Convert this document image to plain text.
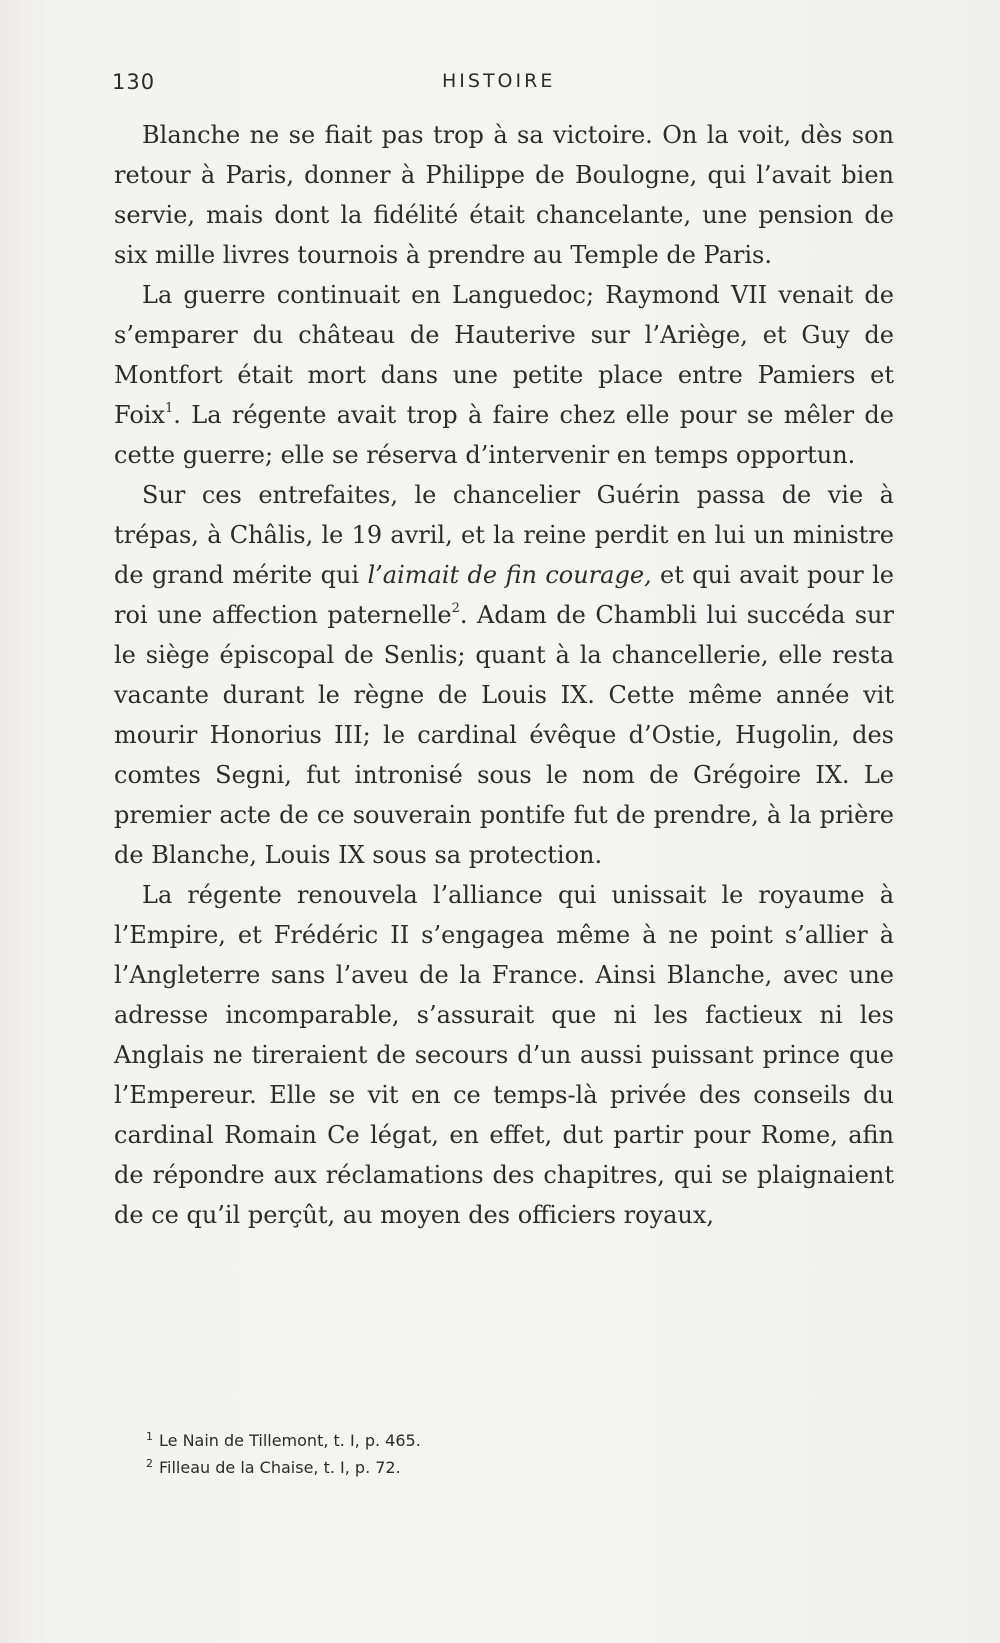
130	HISTOIRE

Blanche ne se fiait pas trop à sa victoire. On la voit, dès son retour à Paris, donner à Philippe de Boulogne, qui l’avait bien servie, mais dont la fidélité était chancelante, une pension de six mille livres tournois à prendre au Temple de Paris.

La guerre continuait en Languedoc; Raymond VII venait de s’emparer du château de Hauterive sur l’Ariège, et Guy de Montfort était mort dans une petite place entre Pamiers et Foix$^1$. La régente avait trop à faire chez elle pour se mêler de cette guerre; elle se réserva d’intervenir en temps opportun.

Sur ces entrefaites, le chancelier Guérin passa de vie à trépas, à Châlis, le 19 avril, et la reine perdit en lui un ministre de grand mérite qui l’aimait de fin courage, et qui avait pour le roi une affection paternelle$^2$. Adam de Chambli lui succéda sur le siège épiscopal de Senlis; quant à la chancellerie, elle resta vacante durant le règne de Louis IX. Cette même année vit mourir Honorius III; le cardinal évêque d’Ostie, Hugolin, des comtes Segni, fut intronisé sous le nom de Grégoire IX. Le premier acte de ce souverain pontife fut de prendre, à la prière de Blanche, Louis IX sous sa protection.

La régente renouvela l’alliance qui unissait le royaume à l’Empire, et Frédéric II s’engagea même à ne point s’allier à l’Angleterre sans l’aveu de la France. Ainsi Blanche, avec une adresse incomparable, s’assurait que ni les factieux ni les Anglais ne tireraient de secours d’un aussi puissant prince que l’Empereur. Elle se vit en ce temps-là privée des conseils du cardinal Romain Ce légat, en effet, dut partir pour Rome, afin de répondre aux réclamations des chapitres, qui se plaignaient de ce qu’il perçût, au moyen des officiers royaux,

$^1$ Le Nain de Tillemont, t. I, p. 465.
$^2$ Filleau de la Chaise, t. I, p. 72.
